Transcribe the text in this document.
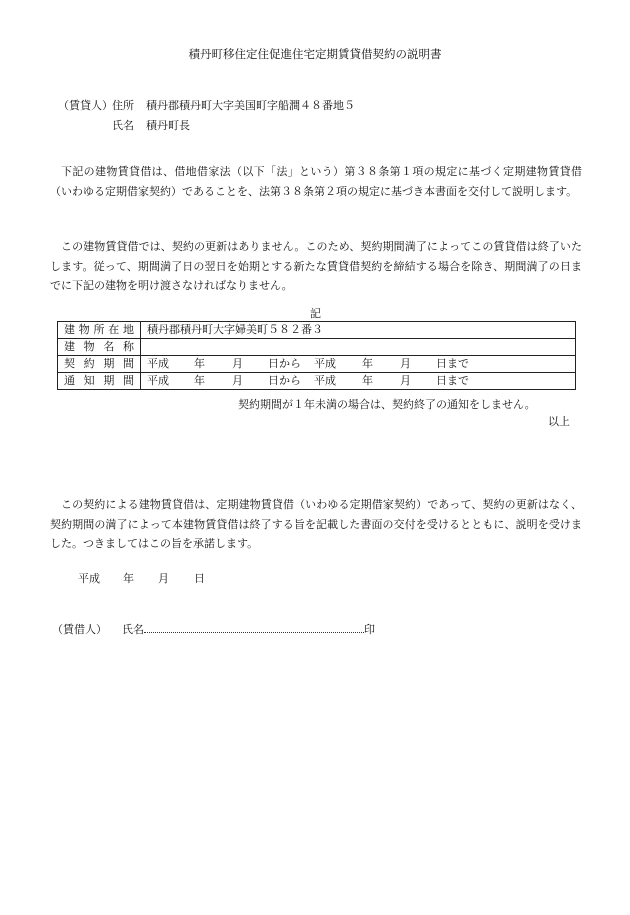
積丹町移住定住促進住宅定期賃貸借契約の説明書
（賃貸人） 住所 積丹郡積丹町大字美国町字船澗４８番地５
氏名 積丹町長

下記の建物賃貸借は、借地借家法（以下「法」という）第３８条第１項の規定に基づく定期建物賃貸借（いわゆる定期借家契約）であることを、法第３８条第２項の規定に基づき本書面を交付して説明します。

この建物賃貸借では、契約の更新はありません。このため、契約期間満了によってこの賃貸借は終了いたします。従って、期間満了日の翌日を始期とする新たな賃貸借契約を締結する場合を除き、期間満了の日までに下記の建物を明け渡さなければなりません。

記
建物所在地	積丹郡積丹町大字婦美町５８２番３
建物名称	
契約期間	平成 年 月 日から 平成 年 月 日まで
通知期間	平成 年 月 日から 平成 年 月 日まで
契約期間が１年未満の場合は、契約終了の通知をしません。
以上

この契約による建物賃貸借は、定期建物賃貸借（いわゆる定期借家契約）であって、契約の更新はなく、契約期間の満了によって本建物賃貸借は終了する旨を記載した書面の交付を受けるとともに、説明を受けました。つきましてはこの旨を承諾します。

平成 年 月 日
（賃借人） 氏名	印
